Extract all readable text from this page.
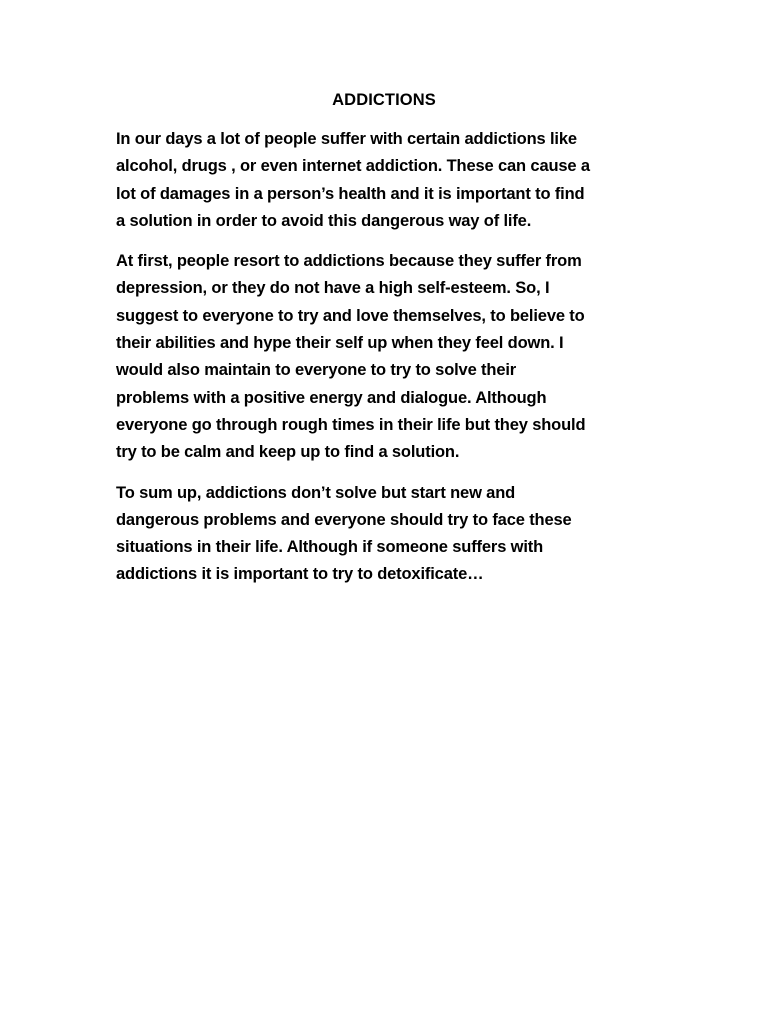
ADDICTIONS

In our days a lot of people suffer with certain addictions like
alcohol, drugs , or even internet addiction. These can cause a
lot of damages in a person’s health and it is important to find
a solution in order to avoid this dangerous way of life.

At first, people resort to addictions because they suffer from
depression, or they do not have a high self-esteem. So, I
suggest to everyone to try and love themselves, to believe to
their abilities and hype their self up when they feel down. I
would also maintain to everyone to try to solve their
problems with a positive energy and dialogue. Although
everyone go through rough times in their life but they should
try to be calm and keep up to find a solution.

To sum up, addictions don’t solve but start new and
dangerous problems and everyone should try to face these
situations in their life. Although if someone suffers with
addictions it is important to try to detoxificate…
